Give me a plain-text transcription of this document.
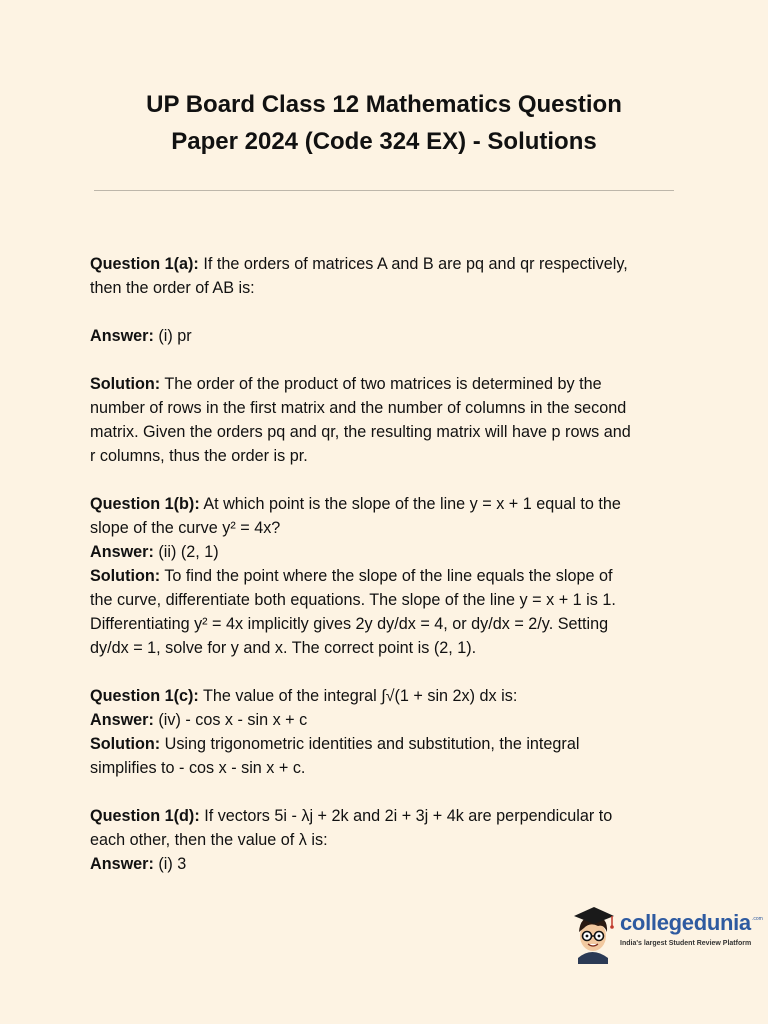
UP Board Class 12 Mathematics Question
Paper 2024 (Code 324 EX) - Solutions

Question 1(a): If the orders of matrices A and B are pq and qr respectively,
then the order of AB is:

Answer: (i) pr

Solution: The order of the product of two matrices is determined by the
number of rows in the first matrix and the number of columns in the second
matrix. Given the orders pq and qr, the resulting matrix will have p rows and
r columns, thus the order is pr.

Question 1(b): At which point is the slope of the line y = x + 1 equal to the
slope of the curve y² = 4x?
Answer: (ii) (2, 1)
Solution: To find the point where the slope of the line equals the slope of
the curve, differentiate both equations. The slope of the line y = x + 1 is 1.
Differentiating y² = 4x implicitly gives 2y dy/dx = 4, or dy/dx = 2/y. Setting
dy/dx = 1, solve for y and x. The correct point is (2, 1).

Question 1(c): The value of the integral ∫√(1 + sin 2x) dx is:
Answer: (iv) - cos x - sin x + c
Solution: Using trigonometric identities and substitution, the integral
simplifies to - cos x - sin x + c.

Question 1(d): If vectors 5i - λj + 2k and 2i + 3j + 4k are perpendicular to
each other, then the value of λ is:
Answer: (i) 3

collegedunia .com
India's largest Student Review Platform
